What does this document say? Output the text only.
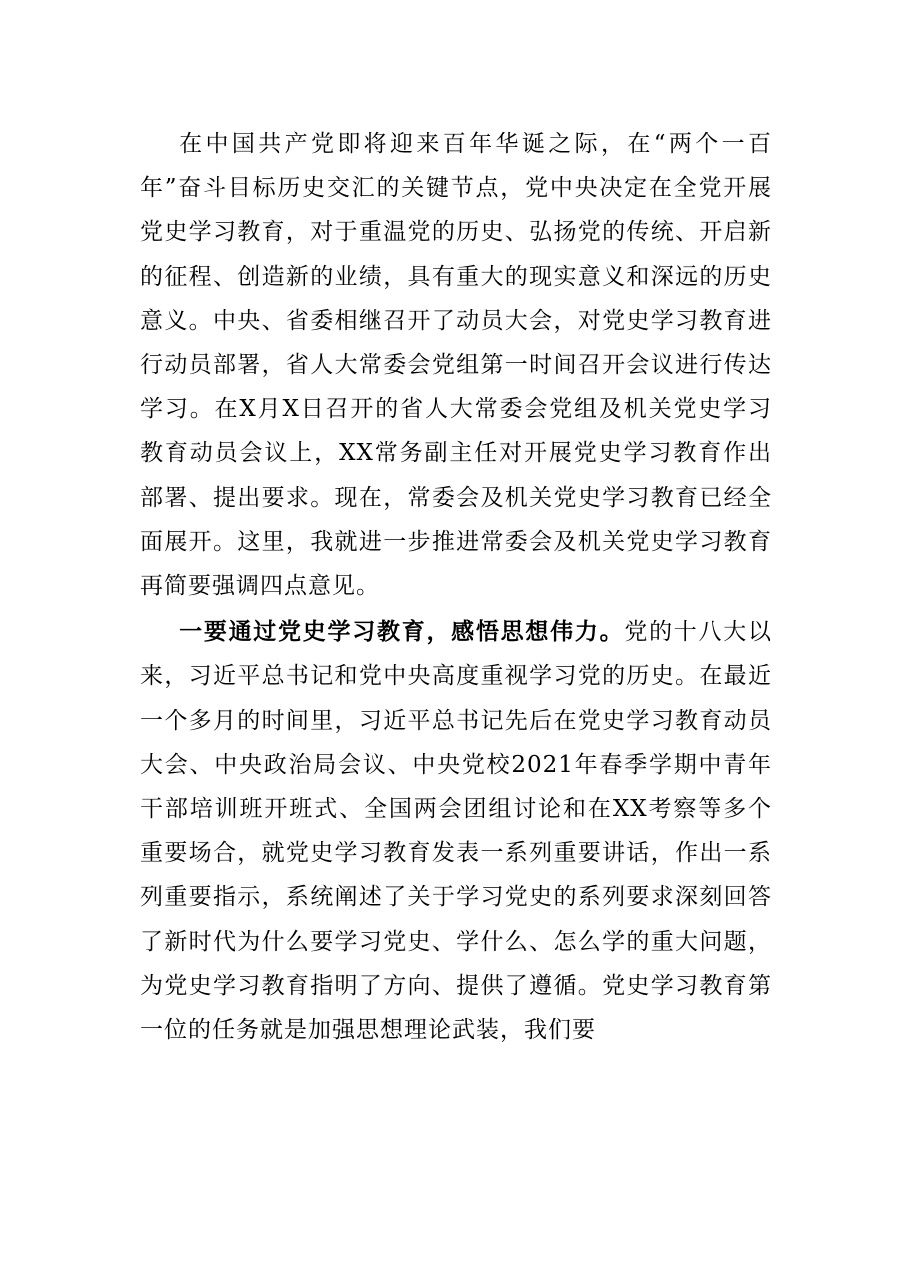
在中国共产党即将迎来百年华诞之际，在“两个一百年”奋斗目标历史交汇的关键节点，党中央决定在全党开展党史学习教育，对于重温党的历史、弘扬党的传统、开启新的征程、创造新的业绩，具有重大的现实意义和深远的历史意义。中央、省委相继召开了动员大会，对党史学习教育进行动员部署，省人大常委会党组第一时间召开会议进行传达学习。在X月X日召开的省人大常委会党组及机关党史学习教育动员会议上，XX常务副主任对开展党史学习教育作出部署、提出要求。现在，常委会及机关党史学习教育已经全面展开。这里，我就进一步推进常委会及机关党史学习教育再简要强调四点意见。

一要通过党史学习教育，感悟思想伟力。党的十八大以来，习近平总书记和党中央高度重视学习党的历史。在最近一个多月的时间里，习近平总书记先后在党史学习教育动员大会、中央政治局会议、中央党校2021年春季学期中青年干部培训班开班式、全国两会团组讨论和在XX考察等多个重要场合，就党史学习教育发表一系列重要讲话，作出一系列重要指示，系统阐述了关于学习党史的系列要求深刻回答了新时代为什么要学习党史、学什么、怎么学的重大问题，为党史学习教育指明了方向、提供了遵循。党史学习教育第一位的任务就是加强思想理论武装，我们要
